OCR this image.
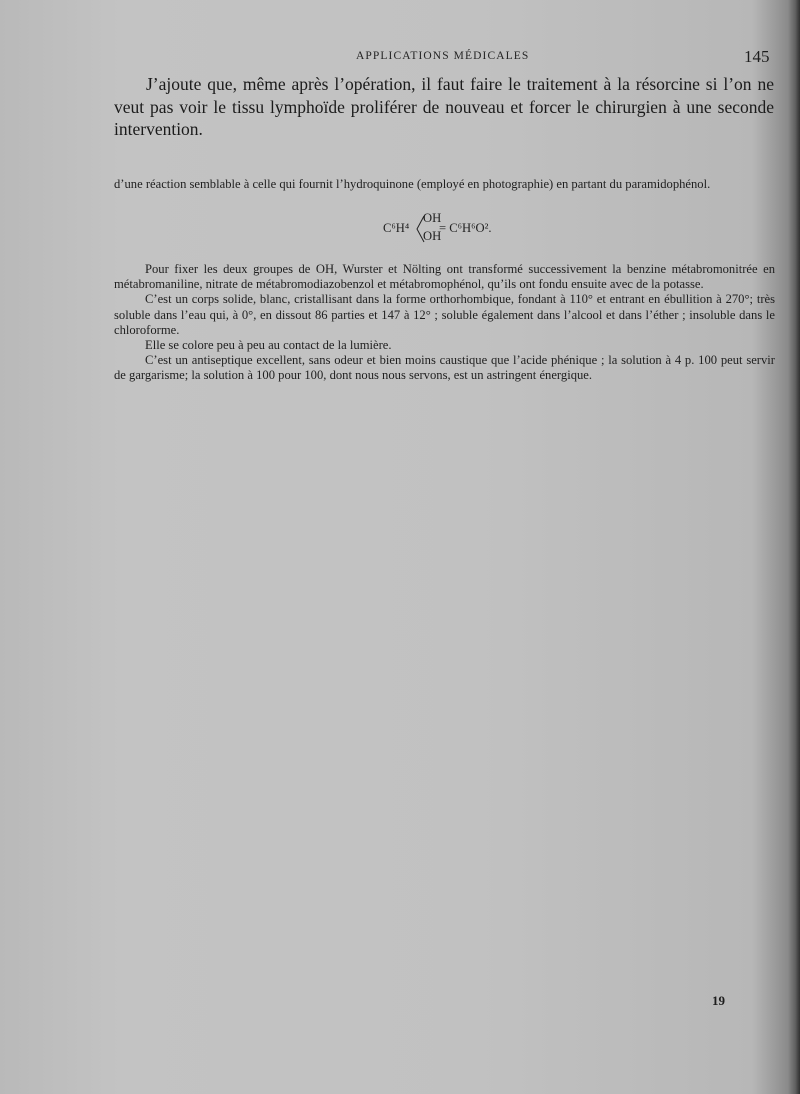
APPLICATIONS MÉDICALES	145

J’ajoute que, même après l’opération, il faut faire le traitement à la résorcine si l’on ne veut pas voir le tissu lymphoïde proliférer de nouveau et forcer le chirurgien à une seconde intervention.

d’une réaction semblable à celle qui fournit l’hydroquinone (employé en photographie) en partant du paramidophénol.

C⁶H⁴
OH
OH
= C⁶H⁶O².

Pour fixer les deux groupes de OH, Wurster et Nölting ont transformé successivement la benzine métabromonitrée en métabromaniline, nitrate de métabromodiazobenzol et métabromophénol, qu’ils ont fondu ensuite avec de la potasse.

C’est un corps solide, blanc, cristallisant dans la forme orthorhombique, fondant à 110° et entrant en ébullition à 270°; très soluble dans l’eau qui, à 0°, en dissout 86 parties et 147 à 12° ; soluble également dans l’alcool et dans l’éther ; insoluble dans le chloroforme.

Elle se colore peu à peu au contact de la lumière.

C’est un antiseptique excellent, sans odeur et bien moins caustique que l’acide phénique ; la solution à 4 p. 100 peut servir de gargarisme; la solution à 100 pour 100, dont nous nous servons, est un astringent énergique.

19
